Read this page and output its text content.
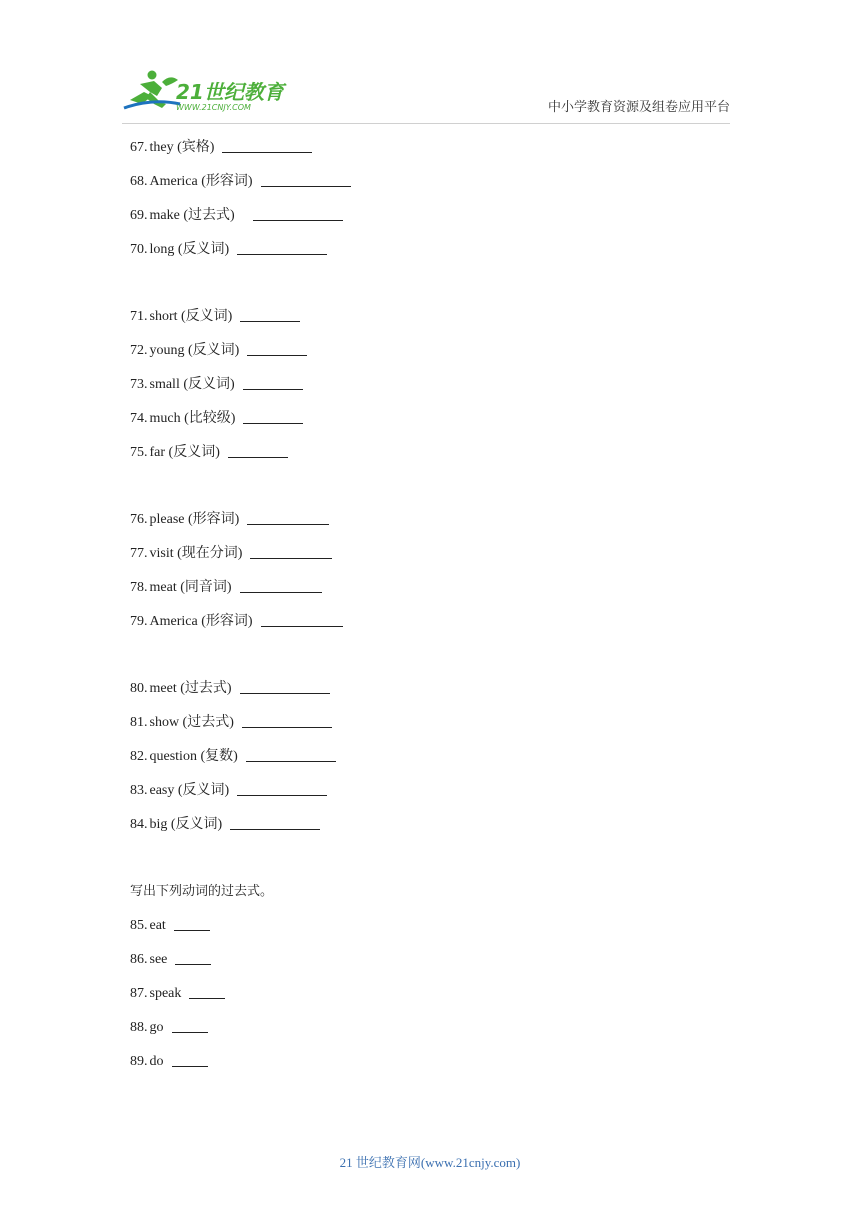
21世纪教育
WWW.21CNJY.COM	中小学教育资源及组卷应用平台
67. they (宾格)
68. America (形容词)
69. make (过去式)
70. long (反义词)
71. short (反义词)
72. young (反义词)
73. small (反义词)
74. much (比较级)
75. far (反义词)
76. please (形容词)
77. visit (现在分词)
78. meat (同音词)
79. America (形容词)
80. meet (过去式)
81. show (过去式)
82. question (复数)
83. easy (反义词)
84. big (反义词)
写出下列动词的过去式。
85. eat
86. see
87. speak
88. go
89. do
21 世纪教育网(www.21cnjy.com)
